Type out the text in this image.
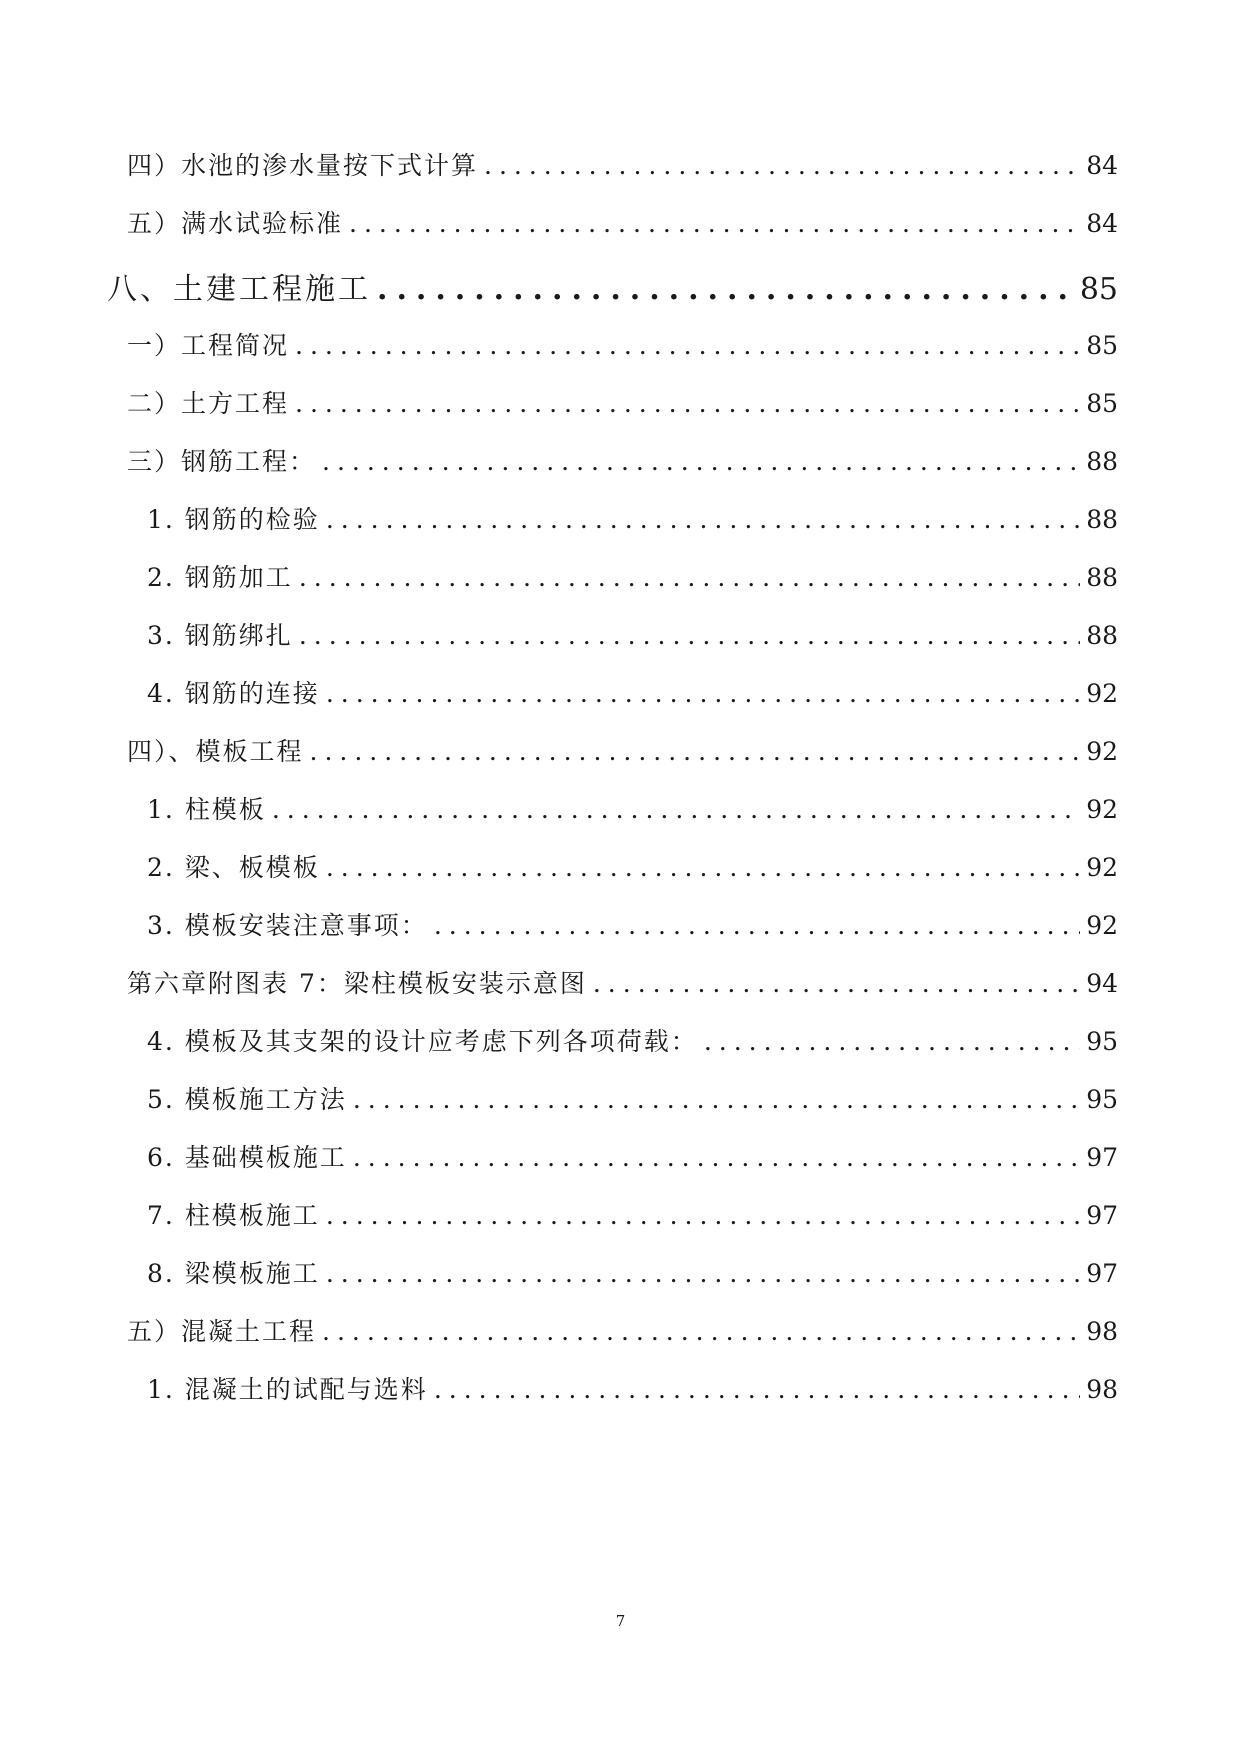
四）水池的渗水量按下式计算 .....	84
五）满水试验标准 .....	84
八、土建工程施工 .....	85
一）工程简况 .....	85
二）土方工程 .....	85
三）钢筋工程： .....	88
1. 钢筋的检验 .....	88
2. 钢筋加工 .....	88
3. 钢筋绑扎 .....	88
4. 钢筋的连接 .....	92
四）、模板工程 .....	92
1. 柱模板 .....	92
2. 梁、板模板 .....	92
3. 模板安装注意事项： .....	92
第六章附图表 7：梁柱模板安装示意图 .....	94
4. 模板及其支架的设计应考虑下列各项荷载： .....	95
5. 模板施工方法 .....	95
6. 基础模板施工 .....	97
7. 柱模板施工 .....	97
8. 梁模板施工 .....	97
五）混凝土工程 .....	98
1. 混凝土的试配与选料 .....	98
7
